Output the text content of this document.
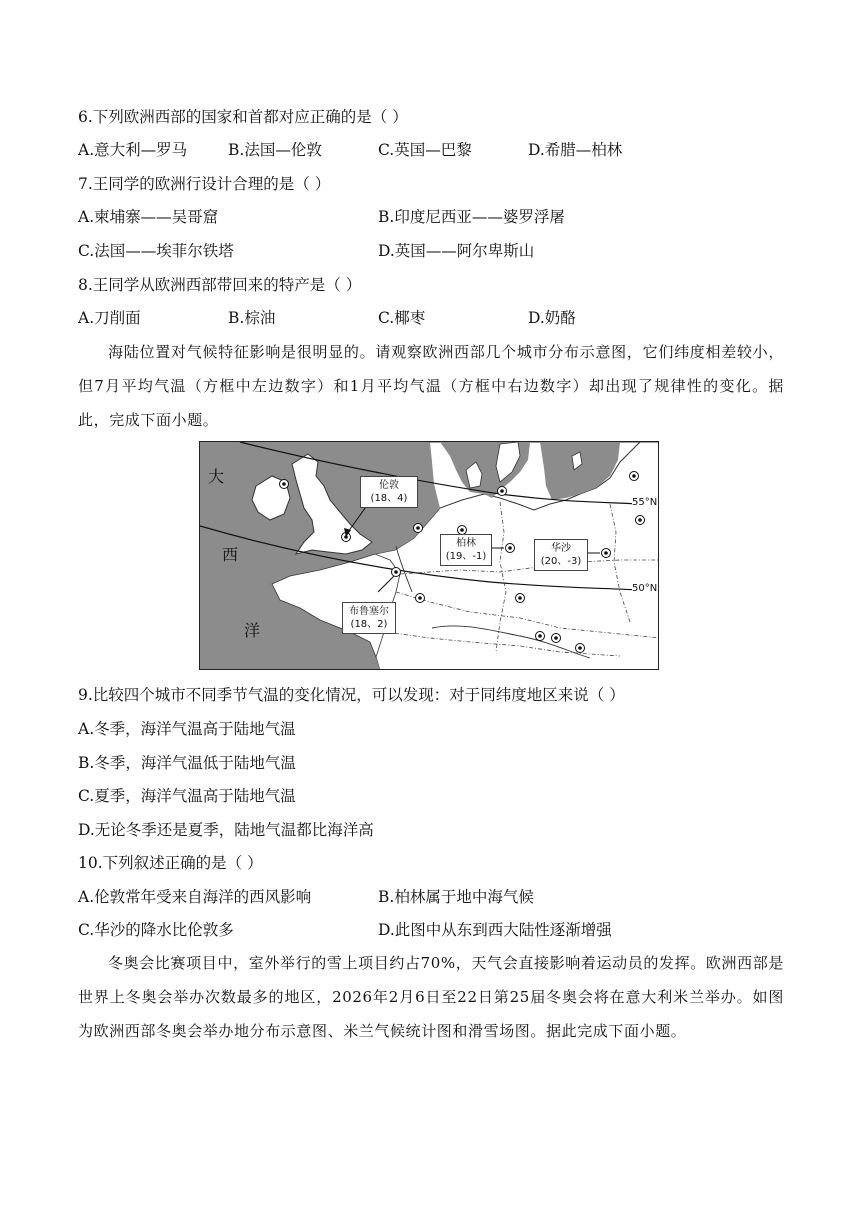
6.下列欧洲西部的国家和首都对应正确的是（ ）
A.意大利—罗马	B.法国—伦敦	C.英国—巴黎	D.希腊—柏林
7.王同学的欧洲行设计合理的是（ ）
A.柬埔寨——吴哥窟	B.印度尼西亚——婆罗浮屠
C.法国——埃菲尔铁塔	D.英国——阿尔卑斯山
8.王同学从欧洲西部带回来的特产是（ ）
A.刀削面	B.棕油	C.椰枣	D.奶酪
海陆位置对气候特征影响是很明显的。请观察欧洲西部几个城市分布示意图，它们纬度相差较小，但7月平均气温（方框中左边数字）和1月平均气温（方框中右边数字）却出现了规律性的变化。据此，完成下面小题。
大
西
洋
55°N
50°N
伦敦
(18、4)
柏林
(19、-1)
华沙
(20、-3)
布鲁塞尔
(18、2)
9.比较四个城市不同季节气温的变化情况，可以发现：对于同纬度地区来说（ ）
A.冬季，海洋气温高于陆地气温
B.冬季，海洋气温低于陆地气温
C.夏季，海洋气温高于陆地气温
D.无论冬季还是夏季，陆地气温都比海洋高
10.下列叙述正确的是（ ）
A.伦敦常年受来自海洋的西风影响	B.柏林属于地中海气候
C.华沙的降水比伦敦多	D.此图中从东到西大陆性逐渐增强
冬奥会比赛项目中，室外举行的雪上项目约占70%，天气会直接影响着运动员的发挥。欧洲西部是世界上冬奥会举办次数最多的地区，2026年2月6日至22日第25届冬奥会将在意大利米兰举办。如图为欧洲西部冬奥会举办地分布示意图、米兰气候统计图和滑雪场图。据此完成下面小题。
